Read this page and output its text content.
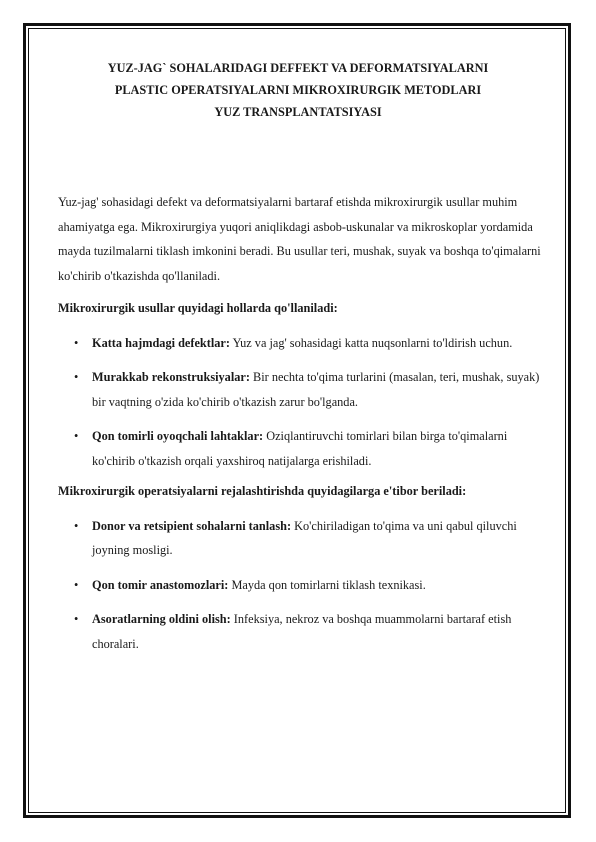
YUZ-JAG` SOHALARIDAGI DEFFEKT VA DEFORMATSIYALARNI
PLASTIC OPERATSIYALARNI MIKROXIRURGIK METODLARI
YUZ TRANSPLANTATSIYASI

Yuz-jag' sohasidagi defekt va deformatsiyalarni bartaraf etishda mikroxirurgik usullar muhim ahamiyatga ega. Mikroxirurgiya yuqori aniqlikdagi asbob-uskunalar va mikroskoplar yordamida mayda tuzilmalarni tiklash imkonini beradi. Bu usullar teri, mushak, suyak va boshqa to'qimalarni ko'chirib o'tkazishda qo'llaniladi.

Mikroxirurgik usullar quyidagi hollarda qo'llaniladi:

• Katta hajmdagi defektlar: Yuz va jag' sohasidagi katta nuqsonlarni to'ldirish uchun.
• Murakkab rekonstruksiyalar: Bir nechta to'qima turlarini (masalan, teri, mushak, suyak) bir vaqtning o'zida ko'chirib o'tkazish zarur bo'lganda.
• Qon tomirli oyoqchali lahtaklar: Oziqlantiruvchi tomirlari bilan birga to'qimalarni ko'chirib o'tkazish orqali yaxshiroq natijalarga erishiladi.

Mikroxirurgik operatsiyalarni rejalashtirishda quyidagilarga e'tibor beriladi:

• Donor va retsipient sohalarni tanlash: Ko'chiriladigan to'qima va uni qabul qiluvchi joyning mosligi.
• Qon tomir anastomozlari: Mayda qon tomirlarni tiklash texnikasi.
• Asoratlarning oldini olish: Infeksiya, nekroz va boshqa muammolarni bartaraf etish choralari.
